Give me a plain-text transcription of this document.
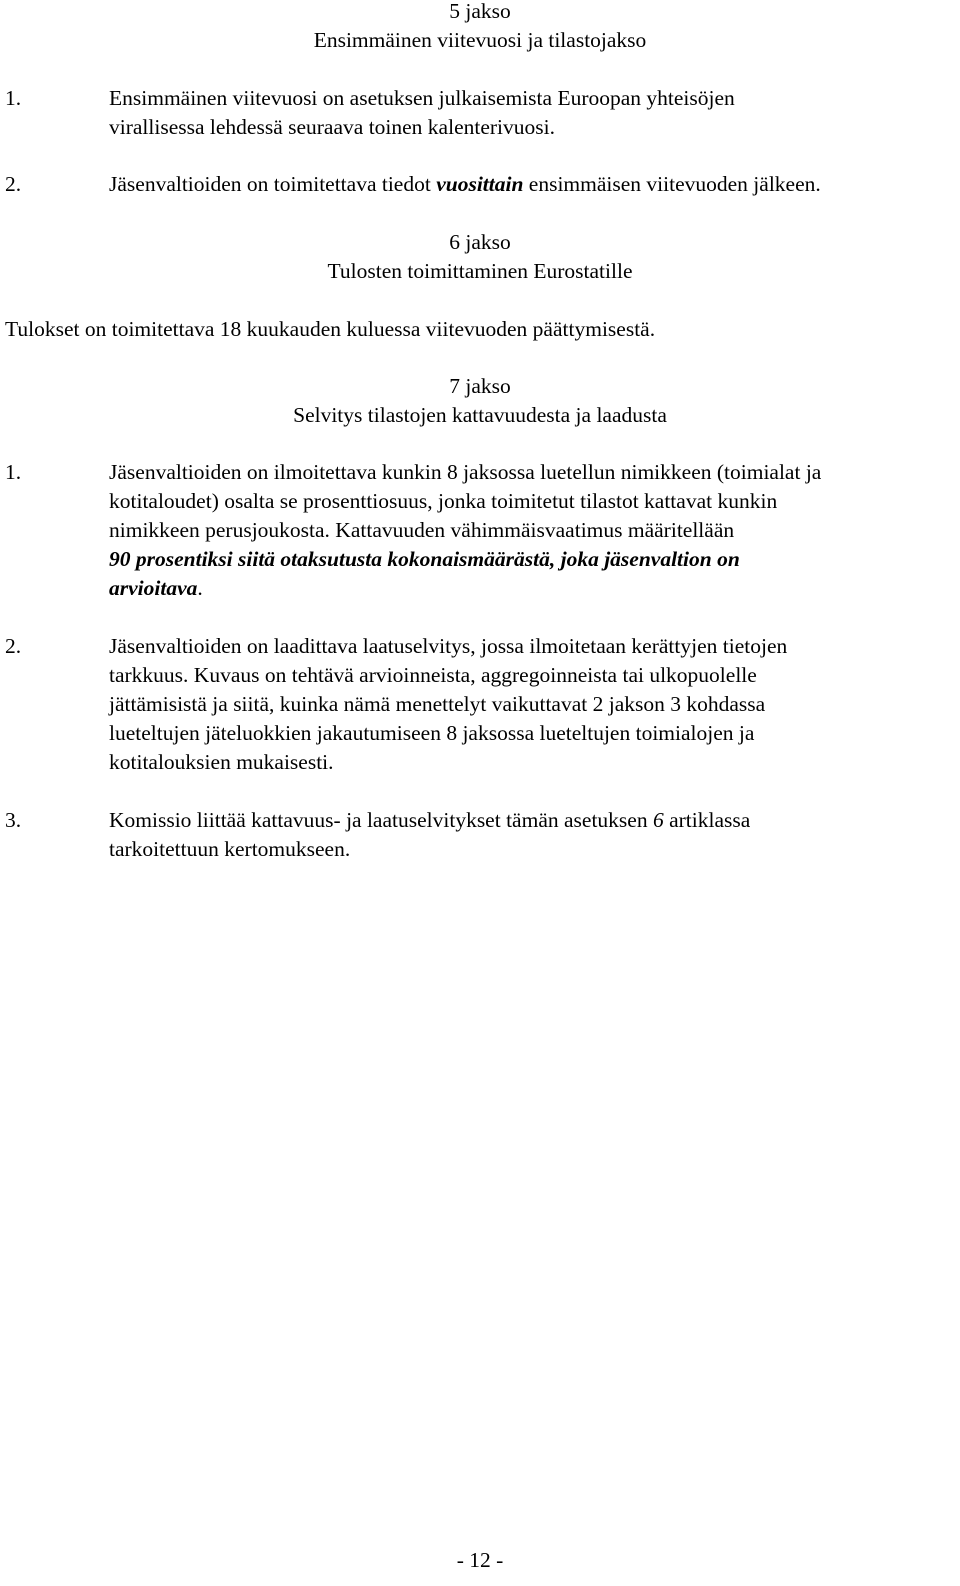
5 jakso
Ensimmäinen viitevuosi ja tilastojakso
1.	Ensimmäinen viitevuosi on asetuksen julkaisemista Euroopan yhteisöjen
virallisessa lehdessä seuraava toinen kalenterivuosi.
2.	Jäsenvaltioiden on toimitettava tiedot vuosittain ensimmäisen viitevuoden jälkeen.
6 jakso
Tulosten toimittaminen Eurostatille
Tulokset on toimitettava 18 kuukauden kuluessa viitevuoden päättymisestä.
7 jakso
Selvitys tilastojen kattavuudesta ja laadusta
1.	Jäsenvaltioiden on ilmoitettava kunkin 8 jaksossa luetellun nimikkeen (toimialat ja
kotitaloudet) osalta se prosenttiosuus, jonka toimitetut tilastot kattavat kunkin
nimikkeen perusjoukosta. Kattavuuden vähimmäisvaatimus määritellään
90 prosentiksi siitä otaksutusta kokonaismäärästä, joka jäsenvaltion on
arvioitava.
2.	Jäsenvaltioiden on laadittava laatuselvitys, jossa ilmoitetaan kerättyjen tietojen
tarkkuus. Kuvaus on tehtävä arvioinneista, aggregoinneista tai ulkopuolelle
jättämisistä ja siitä, kuinka nämä menettelyt vaikuttavat 2 jakson 3 kohdassa
lueteltujen jäteluokkien jakautumiseen 8 jaksossa lueteltujen toimialojen ja
kotitalouksien mukaisesti.
3.	Komissio liittää kattavuus- ja laatuselvitykset tämän asetuksen 6 artiklassa
tarkoitettuun kertomukseen.
- 12 -
